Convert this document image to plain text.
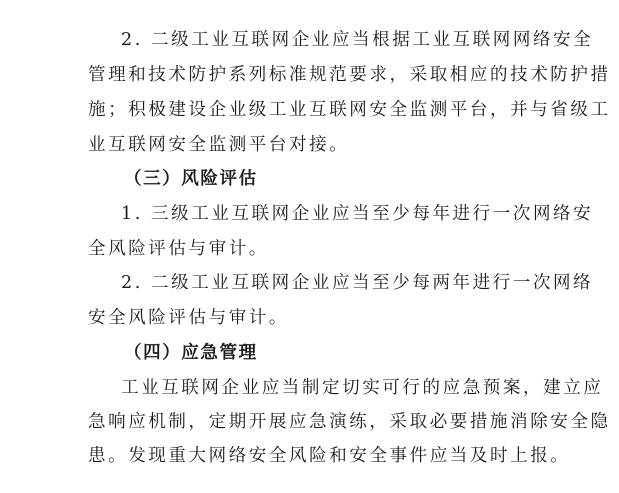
2. 二级工业互联网企业应当根据工业互联网网络安全
管理和技术防护系列标准规范要求，采取相应的技术防护措
施；积极建设企业级工业互联网安全监测平台，并与省级工
业互联网安全监测平台对接。
（三）风险评估
1. 三级工业互联网企业应当至少每年进行一次网络安
全风险评估与审计。
2. 二级工业互联网企业应当至少每两年进行一次网络
安全风险评估与审计。
（四）应急管理
工业互联网企业应当制定切实可行的应急预案，建立应
急响应机制，定期开展应急演练，采取必要措施消除安全隐
患。发现重大网络安全风险和安全事件应当及时上报。
